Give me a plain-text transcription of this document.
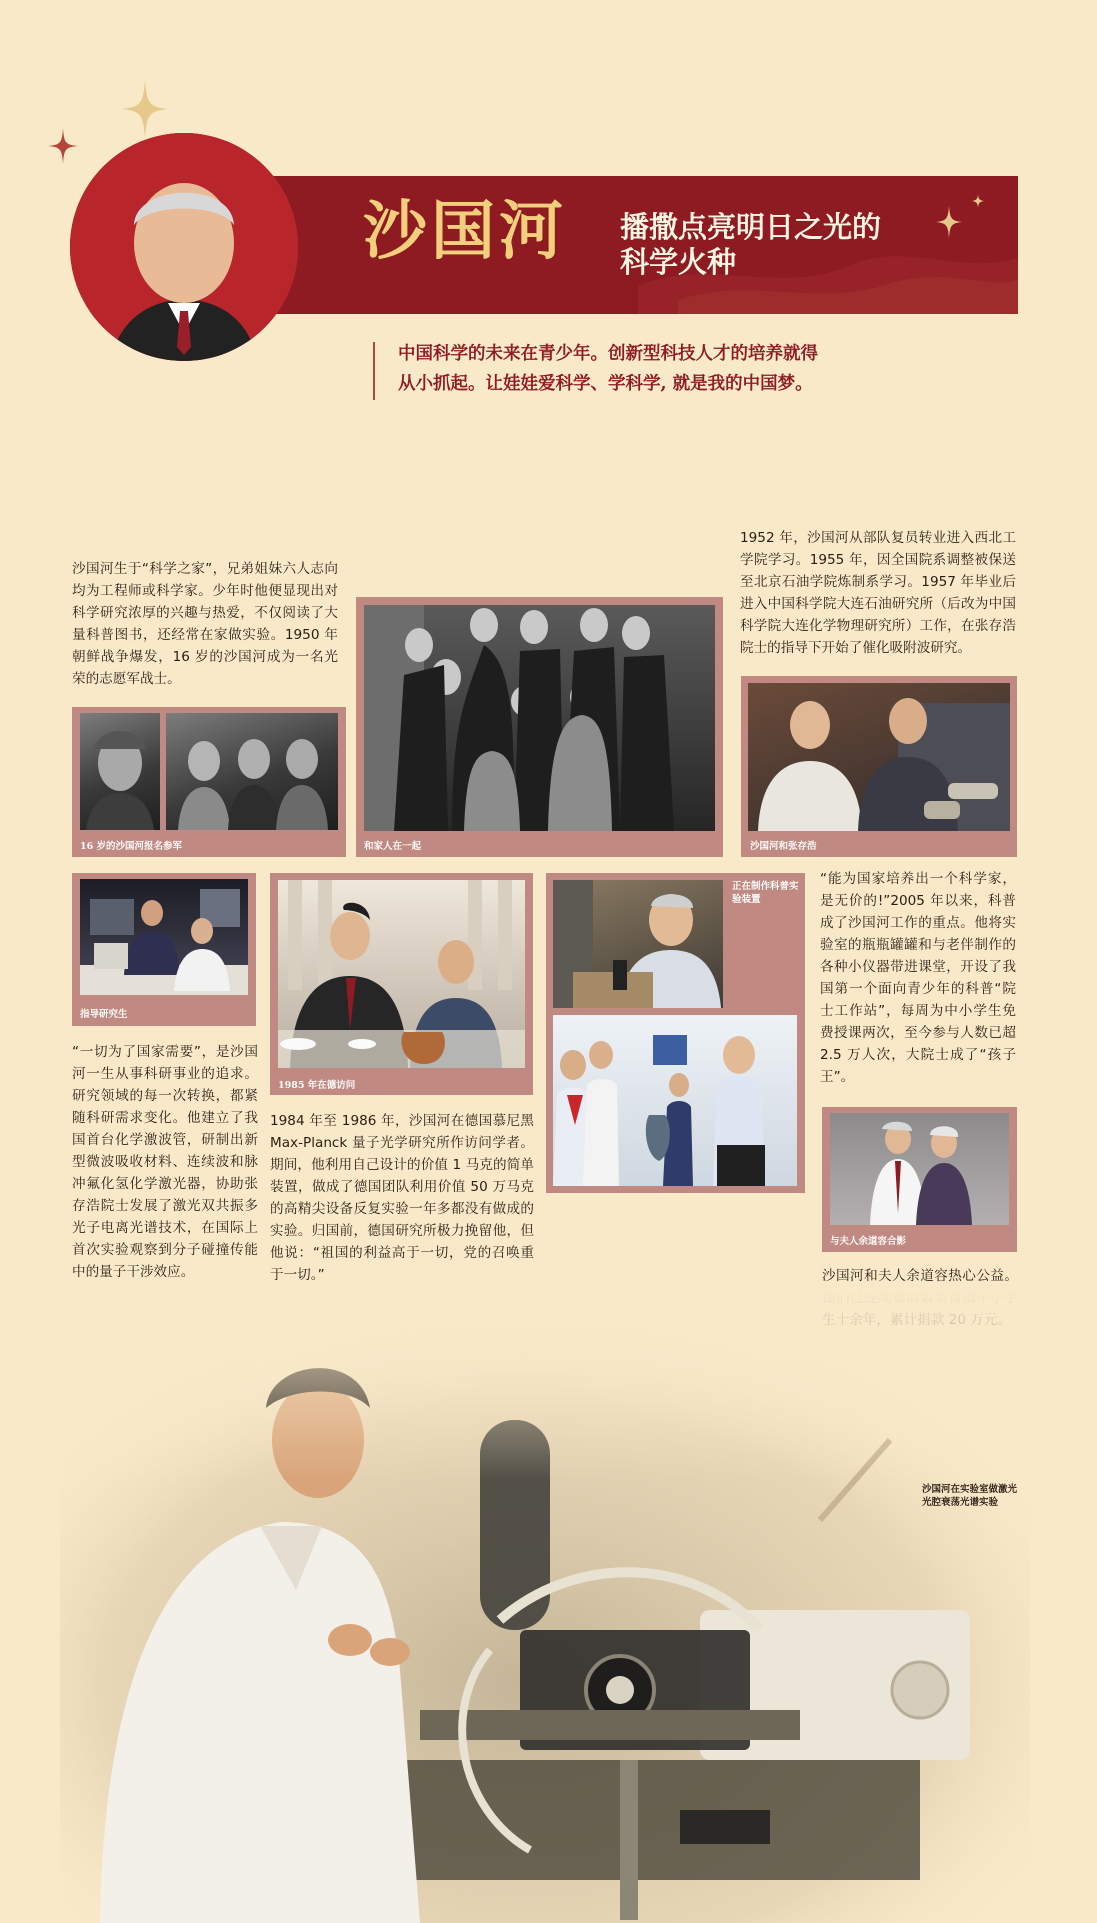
沙国河 播撒点亮明日之光的
科学火种
中国科学的未来在青少年。创新型科技人才的培养就得
从小抓起。让娃娃爱科学、学科学, 就是我的中国梦。
沙国河生于“科学之家”，兄弟姐妹六人志向均为工程师或科学家。少年时他便显现出对科学研究浓厚的兴趣与热爱，不仅阅读了大量科普图书，还经常在家做实验。1950 年朝鲜战争爆发，16 岁的沙国河成为一名光荣的志愿军战士。
1952 年，沙国河从部队复员转业进入西北工学院学习。1955 年，因全国院系调整被保送至北京石油学院炼制系学习。1957 年毕业后进入中国科学院大连石油研究所（后改为中国科学院大连化学物理研究所）工作，在张存浩院士的指导下开始了催化吸附波研究。
“一切为了国家需要”，是沙国河一生从事科研事业的追求。研究领域的每一次转换，都紧随科研需求变化。他建立了我国首台化学激波管，研制出新型微波吸收材料、连续波和脉冲氟化氢化学激光器，协助张存浩院士发展了激光双共振多光子电离光谱技术，在国际上首次实验观察到分子碰撞传能中的量子干涉效应。
1984 年至 1986 年，沙国河在德国慕尼黑 Max-Planck 量子光学研究所作访问学者。期间，他利用自己设计的价值 1 马克的简单装置，做成了德国团队利用价值 50 万马克的高精尖设备反复实验一年多都没有做成的实验。归国前，德国研究所极力挽留他，但他说：“祖国的利益高于一切，党的召唤重于一切。”
“能为国家培养出一个科学家，是无价的!”2005 年以来，科普成了沙国河工作的重点。他将实验室的瓶瓶罐罐和与老伴制作的各种小仪器带进课堂，开设了我国第一个面向青少年的科普“院士工作站”，每周为中小学生免费授课两次，至今参与人数已超 2.5 万人次，大院士成了“孩子王”。
沙国河和夫人余道容热心公益。
16 岁的沙国河报名参军	和家人在一起	沙国河和张存浩
指导研究生
1985 年在德访问
正在制作科普实验装置
与夫人余道容合影
沙国河在实验室做激光光腔衰荡光谱实验
